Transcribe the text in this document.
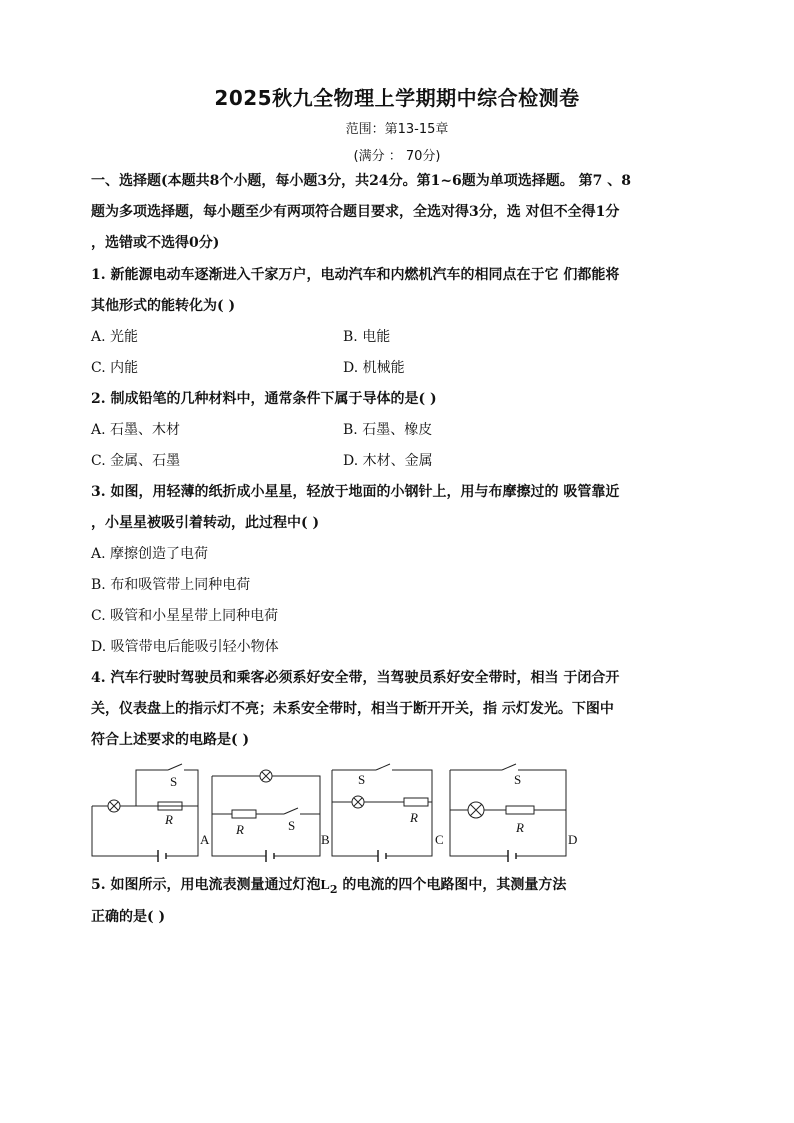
2025秋九全物理上学期期中综合检测卷
范围：第13-15章
(满分 ： 70分)
一、选择题(本题共8个小题，每小题3分，共24分。第1~6题为单项选择题。 第7 、8
题为多项选择题，每小题至少有两项符合题目要求，全选对得3分，选 对但不全得1分
，选错或不选得0分)
1. 新能源电动车逐渐进入千家万户，电动汽车和内燃机汽车的相同点在于它 们都能将
其他形式的能转化为( )
A. 光能	B. 电能
C. 内能	D. 机械能
2. 制成铅笔的几种材料中，通常条件下属于导体的是( )
A. 石墨、木材	B. 石墨、橡皮
C. 金属、石墨	D. 木材、金属
3. 如图，用轻薄的纸折成小星星，轻放于地面的小钢针上，用与布摩擦过的 吸管靠近
，小星星被吸引着转动，此过程中( )
A. 摩擦创造了电荷
B. 布和吸管带上同种电荷
C. 吸管和小星星带上同种电荷
D. 吸管带电后能吸引轻小物体
4. 汽车行驶时驾驶员和乘客必须系好安全带，当驾驶员系好安全带时，相当 于闭合开
关，仪表盘上的指示灯不亮；未系安全带时，相当于断开开关，指 示灯发光。下图中
符合上述要求的电路是( )
S
R
A
R	S
B
S
R
C
S
R
D
5. 如图所示，用电流表测量通过灯泡$L_2$ 的电流的四个电路图中，其测量方法
正确的是( )
